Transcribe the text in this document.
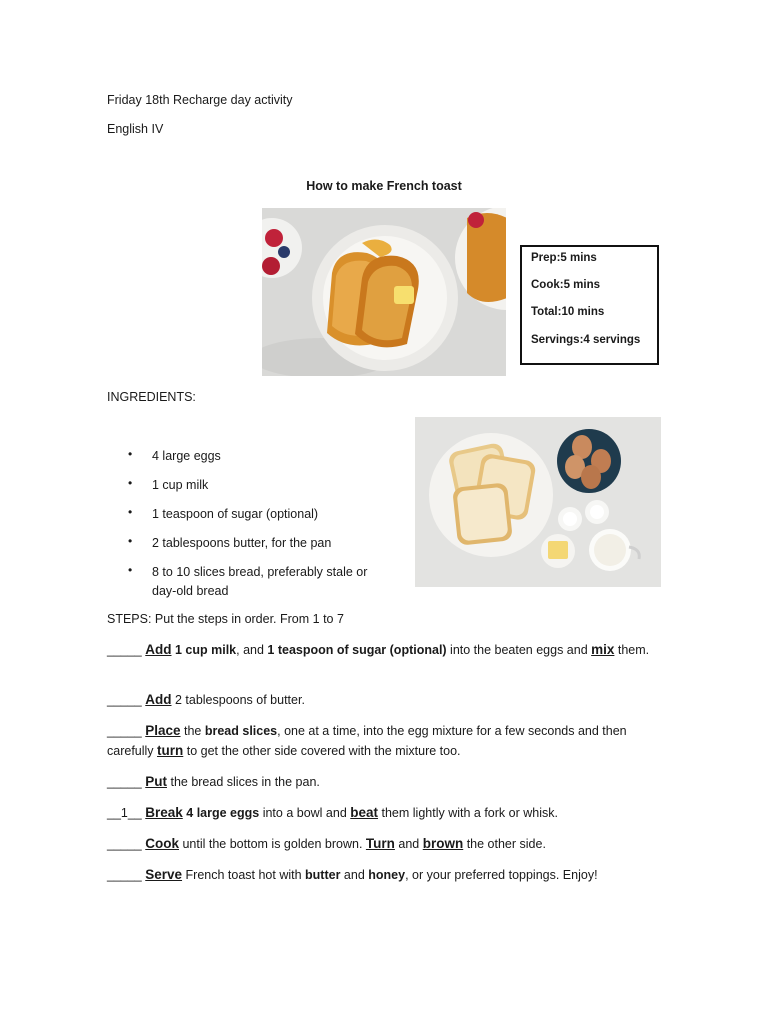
Friday 18th Recharge day activity
English IV
How to make French toast
Prep:5 mins
Cook:5 mins
Total:10 mins
Servings:4 servings
INGREDIENTS:
• 4 large eggs
• 1 cup milk
• 1 teaspoon of sugar (optional)
• 2 tablespoons butter, for the pan
• 8 to 10 slices bread, preferably stale or day-old bread
STEPS: Put the steps in order. From 1 to 7
_____ Add 1 cup milk, and 1 teaspoon of sugar (optional) into the beaten eggs and mix them.
_____ Add 2 tablespoons of butter.
_____ Place the bread slices, one at a time, into the egg mixture for a few seconds and then carefully turn to get the other side covered with the mixture too.
_____ Put the bread slices in the pan.
__1__ Break 4 large eggs into a bowl and beat them lightly with a fork or whisk.
_____ Cook until the bottom is golden brown. Turn and brown the other side.
_____ Serve French toast hot with butter and honey, or your preferred toppings. Enjoy!
